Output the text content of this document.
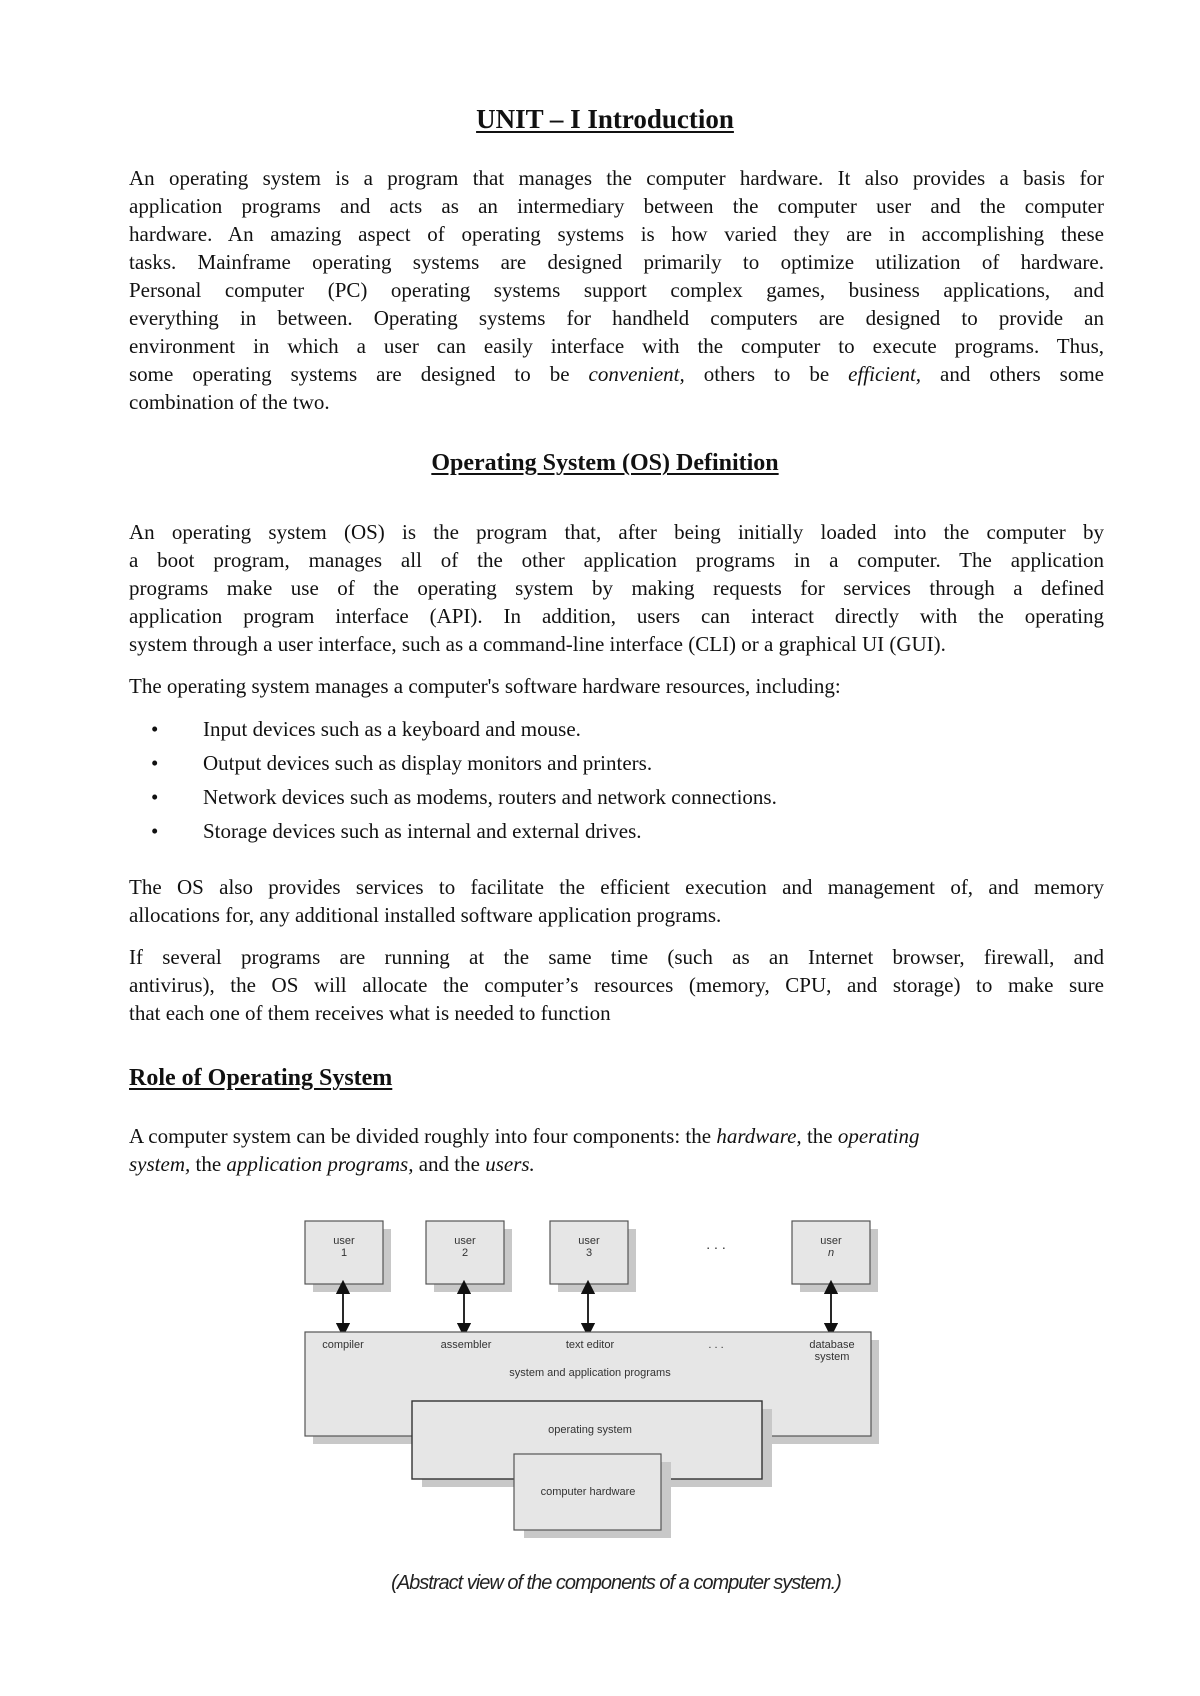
UNIT – I Introduction
An operating system is a program that manages the computer hardware. It also provides a basis for
application programs and acts as an intermediary between the computer user and the computer
hardware. An amazing aspect of operating systems is how varied they are in accomplishing these
tasks. Mainframe operating systems are designed primarily to optimize utilization of hardware.
Personal computer (PC) operating systems support complex games, business applications, and
everything in between. Operating systems for handheld computers are designed to provide an
environment in which a user can easily interface with the computer to execute programs. Thus,
some operating systems are designed to be convenient, others to be efficient, and others some
combination of the two.
Operating System (OS) Definition
An operating system (OS) is the program that, after being initially loaded into the computer by
a boot program, manages all of the other application programs in a computer. The application
programs make use of the operating system by making requests for services through a defined
application program interface (API). In addition, users can interact directly with the operating
system through a user interface, such as a command-line interface (CLI) or a graphical UI (GUI).
The operating system manages a computer's software hardware resources, including:
• Input devices such as a keyboard and mouse.
• Output devices such as display monitors and printers.
• Network devices such as modems, routers and network connections.
• Storage devices such as internal and external drives.
The OS also provides services to facilitate the efficient execution and management of, and memory
allocations for, any additional installed software application programs.
If several programs are running at the same time (such as an Internet browser, firewall, and
antivirus), the OS will allocate the computer’s resources (memory, CPU, and storage) to make sure
that each one of them receives what is needed to function
Role of Operating System
A computer system can be divided roughly into four components: the hardware, the operating
system, the application programs, and the users.
user
1
user
2
user
3
. . .	user
n
compiler	assembler	text editor	. . .	database
system
system and application programs
operating system
computer hardware
(Abstract view of the components of a computer system.)
